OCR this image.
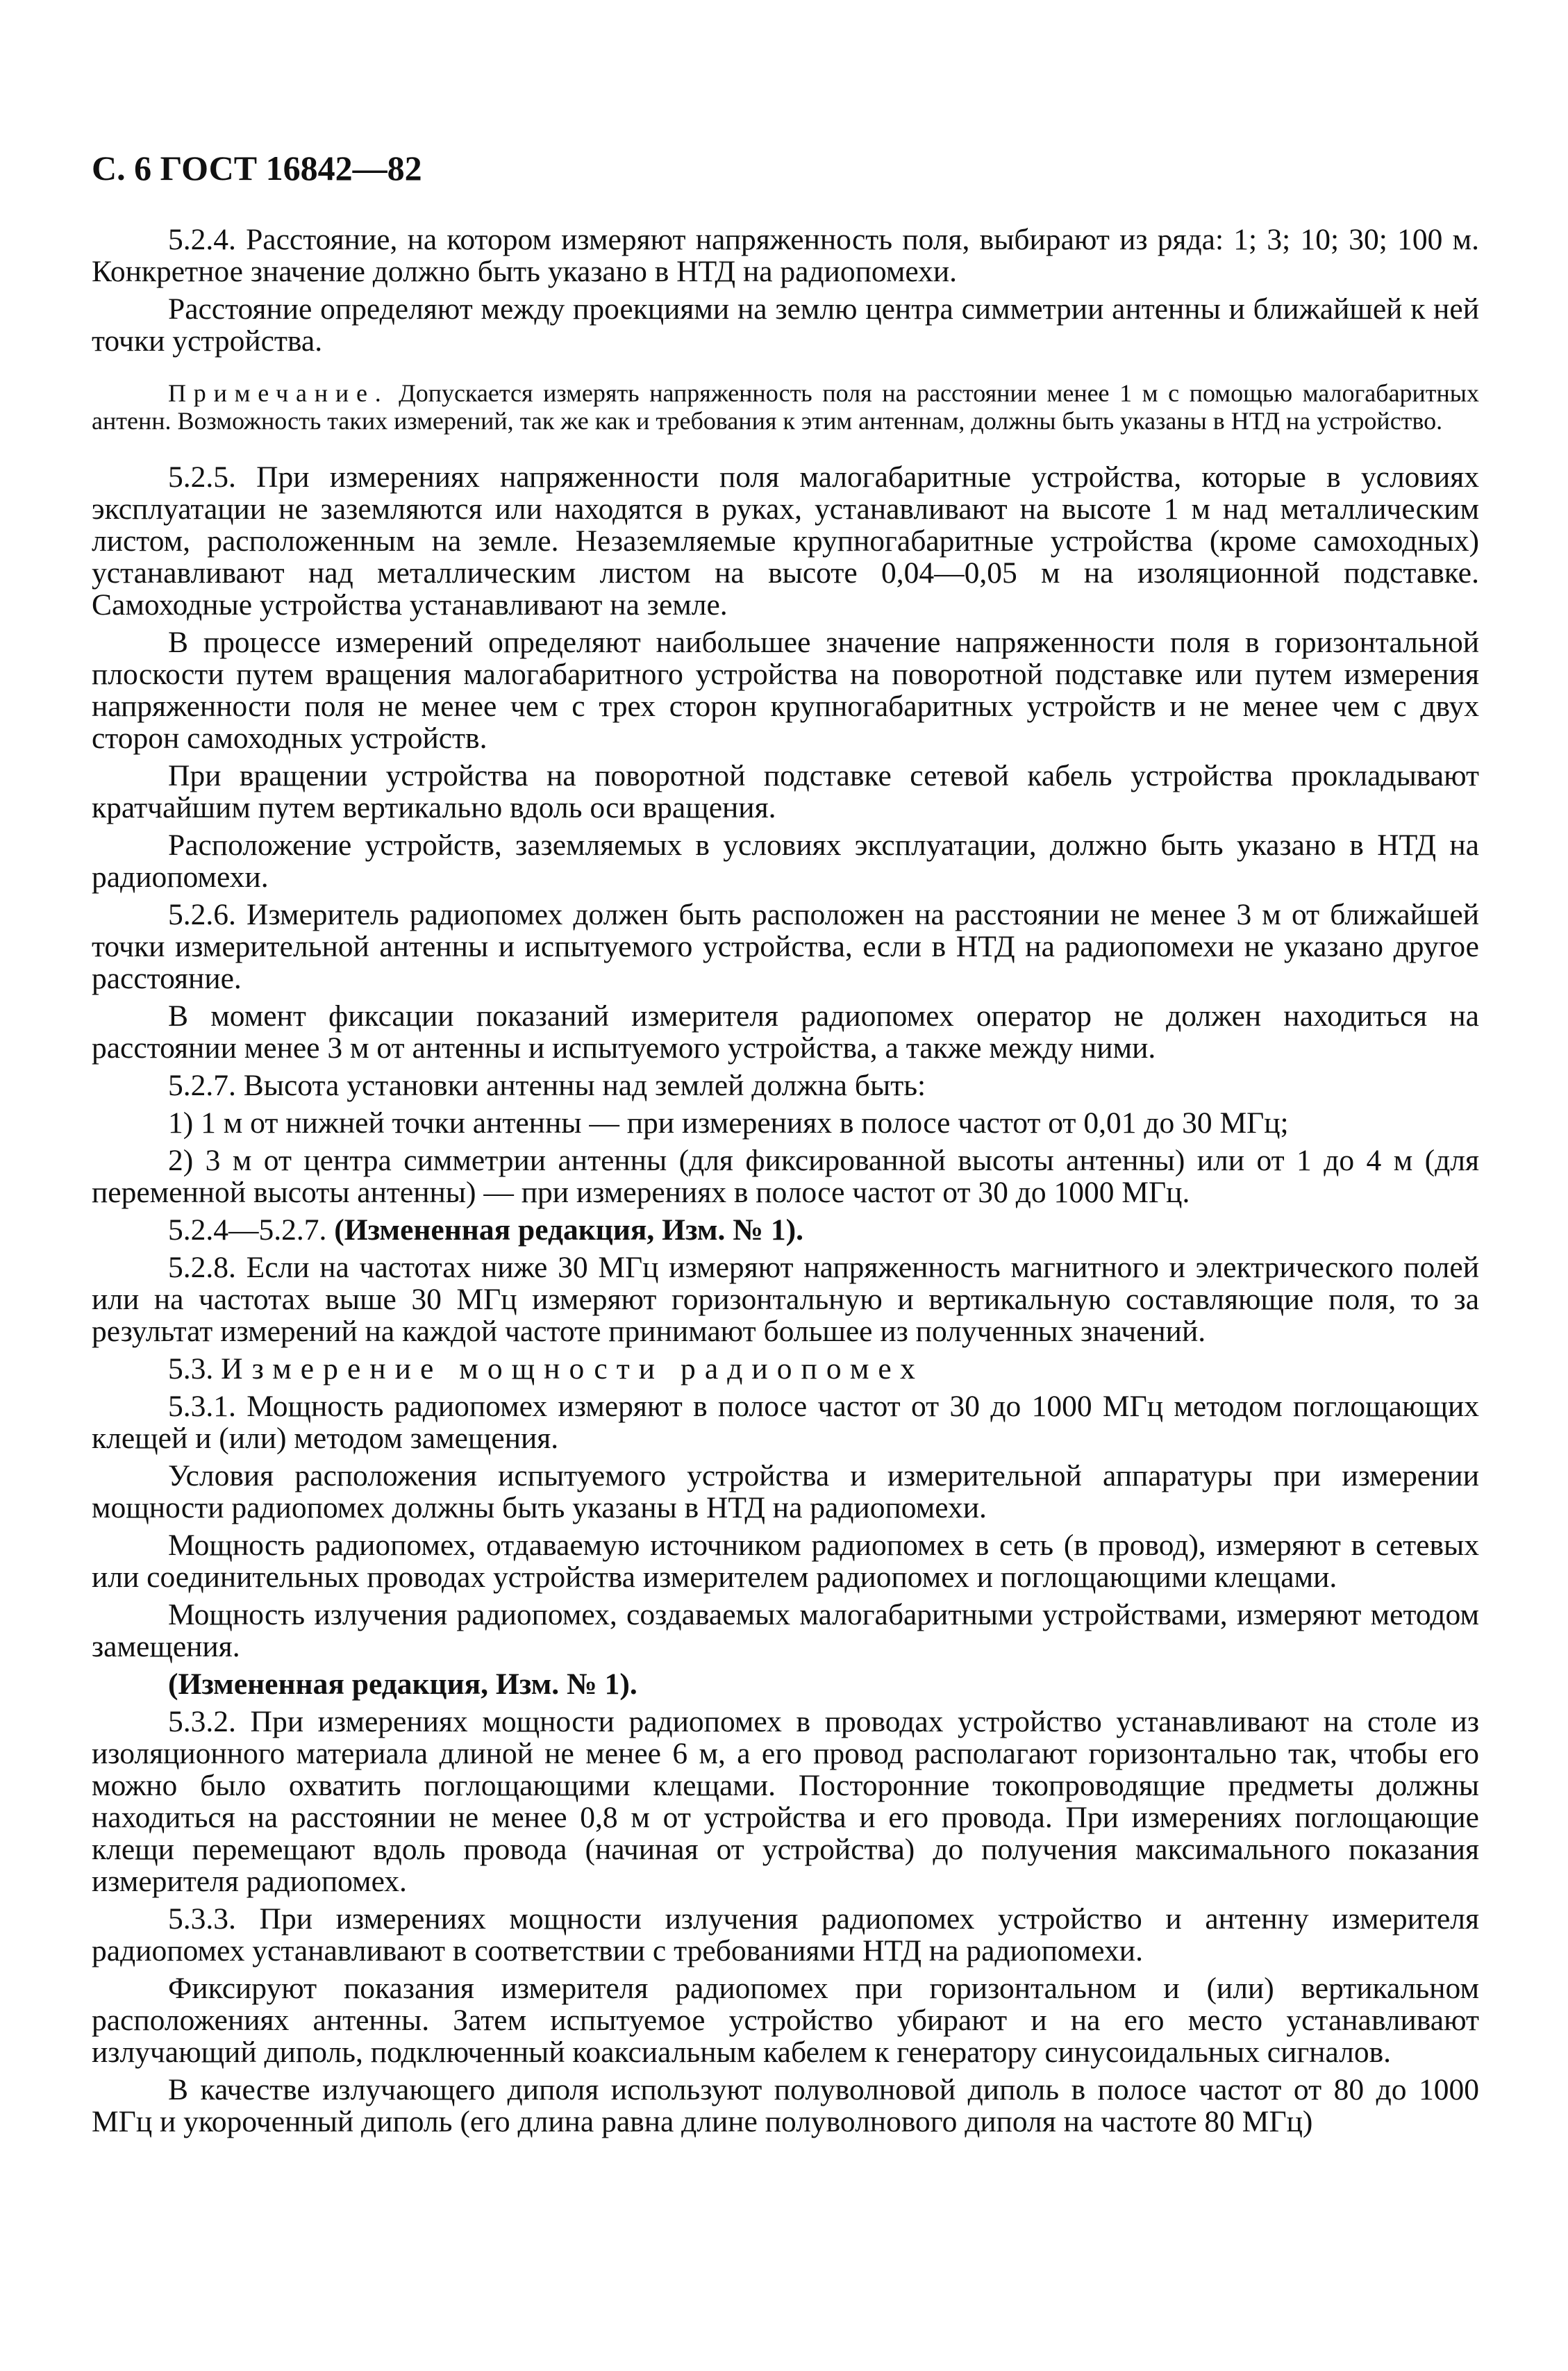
С. 6 ГОСТ 16842—82

5.2.4. Расстояние, на котором измеряют напряженность поля, выбирают из ряда: 1; 3; 10; 30; 100 м. Конкретное значение должно быть указано в НТД на радиопомехи.

Расстояние определяют между проекциями на землю центра симметрии антенны и ближайшей к ней точки устройства.

Примечание. Допускается измерять напряженность поля на расстоянии менее 1 м с помощью малогабаритных антенн. Возможность таких измерений, так же как и требования к этим антеннам, должны быть указаны в НТД на устройство.

5.2.5. При измерениях напряженности поля малогабаритные устройства, которые в условиях эксплуатации не заземляются или находятся в руках, устанавливают на высоте 1 м над металлическим листом, расположенным на земле. Незаземляемые крупногабаритные устройства (кроме самоходных) устанавливают над металлическим листом на высоте 0,04—0,05 м на изоляционной подставке. Самоходные устройства устанавливают на земле.

В процессе измерений определяют наибольшее значение напряженности поля в горизонтальной плоскости путем вращения малогабаритного устройства на поворотной подставке или путем измерения напряженности поля не менее чем с трех сторон крупногабаритных устройств и не менее чем с двух сторон самоходных устройств.

При вращении устройства на поворотной подставке сетевой кабель устройства прокладывают кратчайшим путем вертикально вдоль оси вращения.

Расположение устройств, заземляемых в условиях эксплуатации, должно быть указано в НТД на радиопомехи.

5.2.6. Измеритель радиопомех должен быть расположен на расстоянии не менее 3 м от ближайшей точки измерительной антенны и испытуемого устройства, если в НТД на радиопомехи не указано другое расстояние.

В момент фиксации показаний измерителя радиопомех оператор не должен находиться на расстоянии менее 3 м от антенны и испытуемого устройства, а также между ними.

5.2.7. Высота установки антенны над землей должна быть:

1) 1 м от нижней точки антенны — при измерениях в полосе частот от 0,01 до 30 МГц;

2) 3 м от центра симметрии антенны (для фиксированной высоты антенны) или от 1 до 4 м (для переменной высоты антенны) — при измерениях в полосе частот от 30 до 1000 МГц.

5.2.4—5.2.7. (Измененная редакция, Изм. № 1).

5.2.8. Если на частотах ниже 30 МГц измеряют напряженность магнитного и электрического полей или на частотах выше 30 МГц измеряют горизонтальную и вертикальную составляющие поля, то за результат измерений на каждой частоте принимают большее из полученных значений.

5.3. Измерение мощности радиопомех

5.3.1. Мощность радиопомех измеряют в полосе частот от 30 до 1000 МГц методом поглощающих клещей и (или) методом замещения.

Условия расположения испытуемого устройства и измерительной аппаратуры при измерении мощности радиопомех должны быть указаны в НТД на радиопомехи.

Мощность радиопомех, отдаваемую источником радиопомех в сеть (в провод), измеряют в сетевых или соединительных проводах устройства измерителем радиопомех и поглощающими клещами.

Мощность излучения радиопомех, создаваемых малогабаритными устройствами, измеряют методом замещения.

(Измененная редакция, Изм. № 1).

5.3.2. При измерениях мощности радиопомех в проводах устройство устанавливают на столе из изоляционного материала длиной не менее 6 м, а его провод располагают горизонтально так, чтобы его можно было охватить поглощающими клещами. Посторонние токопроводящие предметы должны находиться на расстоянии не менее 0,8 м от устройства и его провода. При измерениях поглощающие клещи перемещают вдоль провода (начиная от устройства) до получения максимального показания измерителя радиопомех.

5.3.3. При измерениях мощности излучения радиопомех устройство и антенну измерителя радиопомех устанавливают в соответствии с требованиями НТД на радиопомехи.

Фиксируют показания измерителя радиопомех при горизонтальном и (или) вертикальном расположениях антенны. Затем испытуемое устройство убирают и на его место устанавливают излучающий диполь, подключенный коаксиальным кабелем к генератору синусоидальных сигналов.

В качестве излучающего диполя используют полуволновой диполь в полосе частот от 80 до 1000 МГц и укороченный диполь (его длина равна длине полуволнового диполя на частоте 80 МГц)
